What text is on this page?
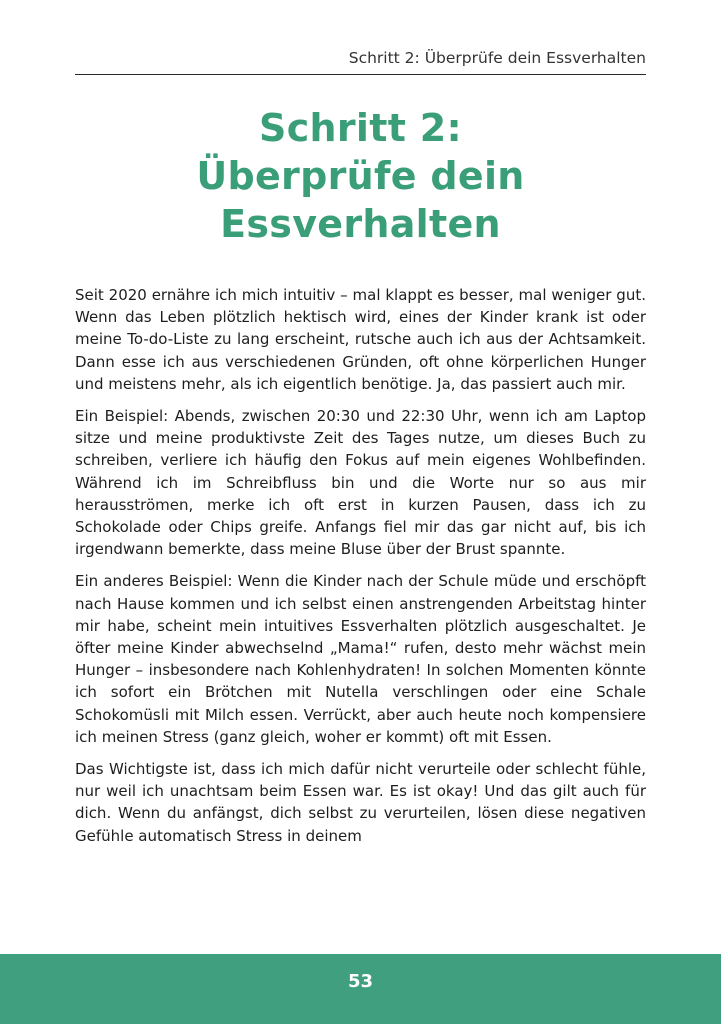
Schritt 2: Überprüfe dein Essverhalten
Schritt 2:
Überprüfe dein
Essverhalten

Seit 2020 ernähre ich mich intuitiv – mal klappt es besser, mal weniger gut. Wenn das Leben plötzlich hektisch wird, eines der Kinder krank ist oder meine To-do-Liste zu lang erscheint, rutsche auch ich aus der Achtsamkeit. Dann esse ich aus verschiedenen Gründen, oft ohne körperlichen Hunger und meistens mehr, als ich eigentlich benötige. Ja, das passiert auch mir.

Ein Beispiel: Abends, zwischen 20:30 und 22:30 Uhr, wenn ich am Laptop sitze und meine produktivste Zeit des Tages nutze, um dieses Buch zu schreiben, verliere ich häufig den Fokus auf mein eigenes Wohlbefinden. Während ich im Schreibfluss bin und die Worte nur so aus mir herausströmen, merke ich oft erst in kurzen Pausen, dass ich zu Schokolade oder Chips greife. Anfangs fiel mir das gar nicht auf, bis ich irgendwann bemerkte, dass meine Bluse über der Brust spannte.

Ein anderes Beispiel: Wenn die Kinder nach der Schule müde und erschöpft nach Hause kommen und ich selbst einen anstrengenden Arbeitstag hinter mir habe, scheint mein intuitives Essverhalten plötzlich ausgeschaltet. Je öfter meine Kinder abwechselnd „Mama!“ rufen, desto mehr wächst mein Hunger – insbesondere nach Kohlenhydraten! In solchen Momenten könnte ich sofort ein Brötchen mit Nutella verschlingen oder eine Schale Schokomüsli mit Milch essen. Verrückt, aber auch heute noch kompensiere ich meinen Stress (ganz gleich, woher er kommt) oft mit Essen.

Das Wichtigste ist, dass ich mich dafür nicht verurteile oder schlecht fühle, nur weil ich unachtsam beim Essen war. Es ist okay! Und das gilt auch für dich. Wenn du anfängst, dich selbst zu verurteilen, lösen diese negativen Gefühle automatisch Stress in deinem

53
